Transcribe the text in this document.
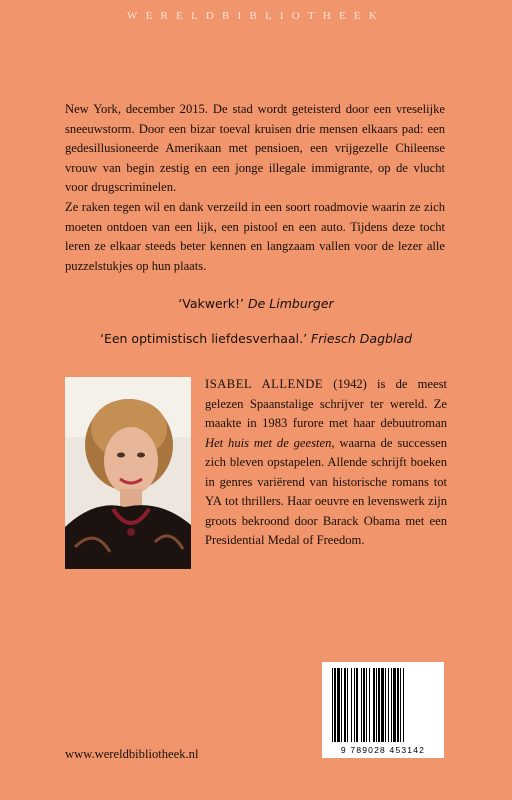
WERELDBIBLIOTHEEK

New York, december 2015. De stad wordt geteisterd door een vreselijke sneeuwstorm. Door een bizar toeval kruisen drie mensen elkaars pad: een gedesillusioneerde Amerikaan met pensioen, een vrijgezelle Chileense vrouw van begin zestig en een jonge illegale immigrante, op de vlucht voor drugscriminelen.

Ze raken tegen wil en dank verzeild in een soort roadmovie waarin ze zich moeten ontdoen van een lijk, een pistool en een auto. Tijdens deze tocht leren ze elkaar steeds beter kennen en langzaam vallen voor de lezer alle puzzelstukjes op hun plaats.

‘Vakwerk!’ De Limburger
‘Een optimistisch liefdesverhaal.’ Friesch Dagblad

ISABEL ALLENDE (1942) is de meest gelezen Spaanstalige schrijver ter wereld. Ze maakte in 1983 furore met haar debuutroman Het huis met de geesten, waarna de successen zich bleven opstapelen. Allende schrijft boeken in genres variërend van historische romans tot YA tot thrillers. Haar oeuvre en levenswerk zijn groots bekroond door Barack Obama met een Presidential Medal of Freedom.

9 789028 453142
www.wereldbibliotheek.nl
